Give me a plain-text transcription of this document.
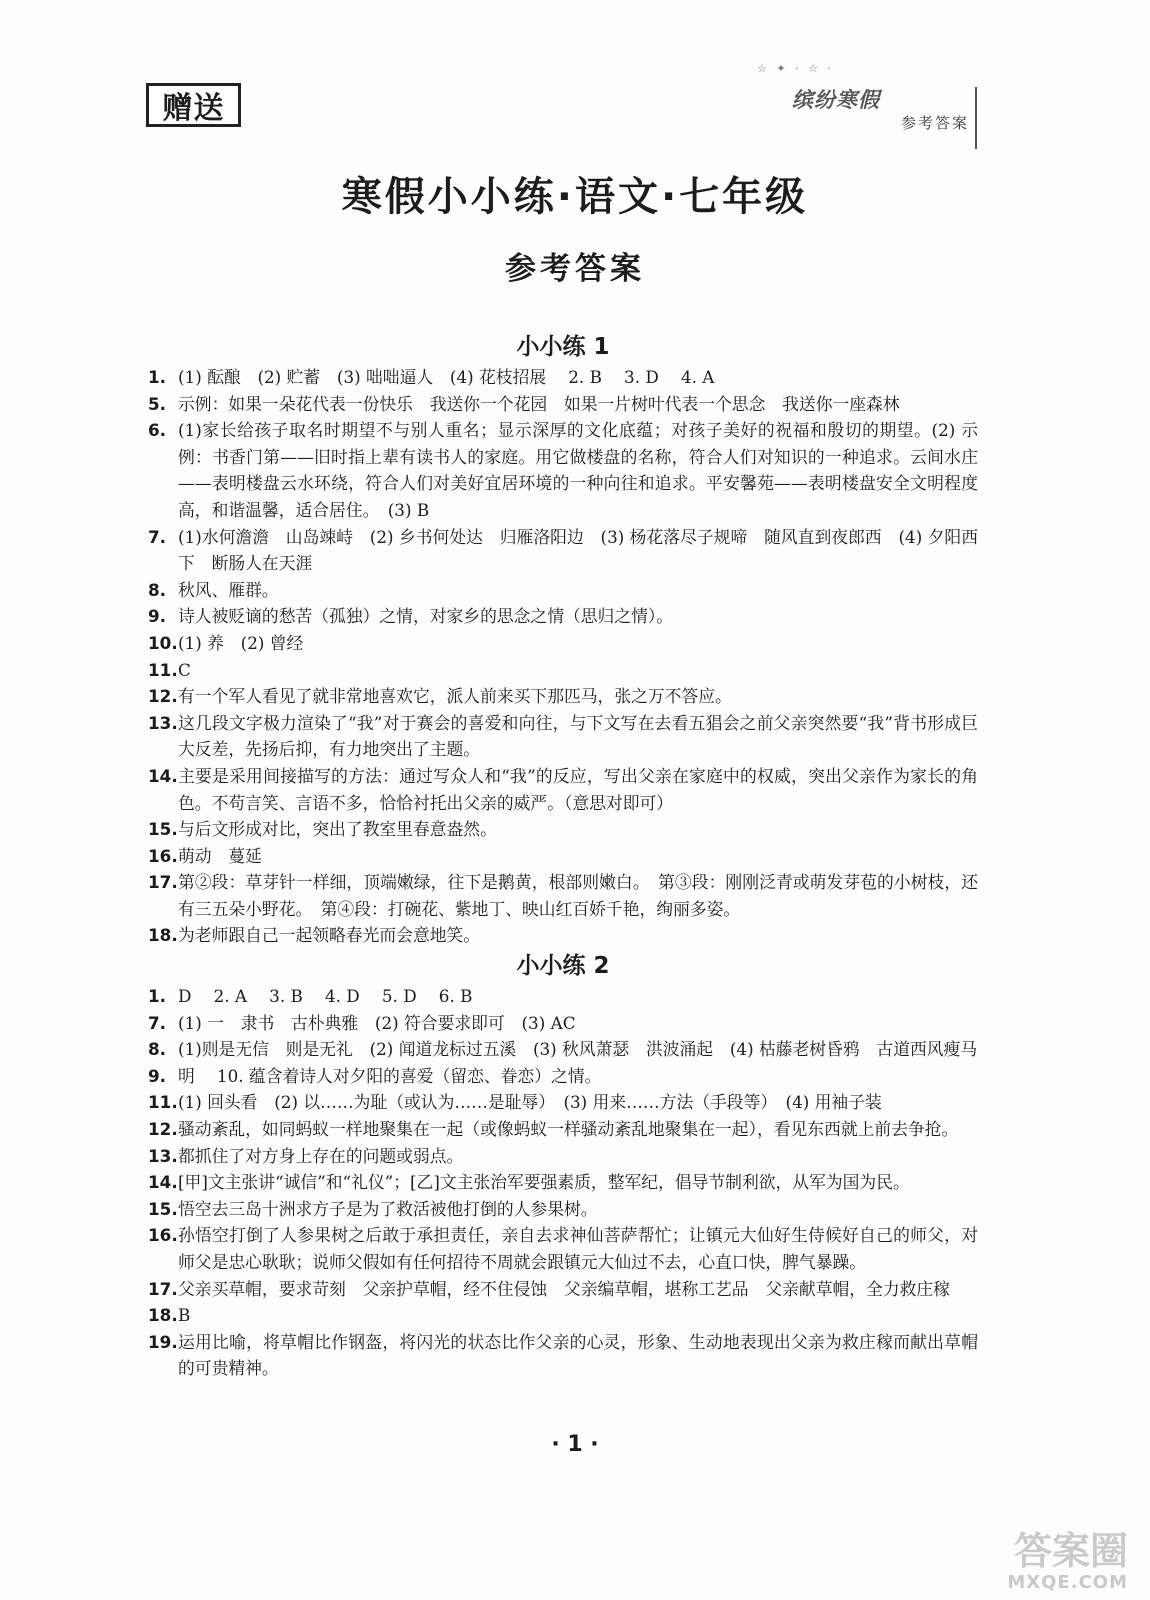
赠送
☆ ✦ · ☆ ·
缤纷寒假
参考答案
寒假小小练·语文·七年级
参考答案
小小练 1
1. (1) 酝酿　(2) 贮蓄　(3) 咄咄逼人　(4) 花枝招展　 2. B　 3. D　 4. A
5. 示例：如果一朵花代表一份快乐　我送你一个花园　如果一片树叶代表一个思念　我送你一座森林
6. (1)家长给孩子取名时期望不与别人重名；显示深厚的文化底蕴；对孩子美好的祝福和殷切的期望。(2) 示例：书香门第——旧时指上辈有读书人的家庭。用它做楼盘的名称，符合人们对知识的一种追求。云间水庄——表明楼盘云水环绕，符合人们对美好宜居环境的一种向往和追求。平安馨苑——表明楼盘安全文明程度高，和谐温馨，适合居住。　(3) B
7. (1)水何澹澹　山岛竦峙　(2) 乡书何处达　归雁洛阳边　(3) 杨花落尽子规啼　随风直到夜郎西　(4) 夕阳西下　断肠人在天涯
8. 秋风、雁群。
9. 诗人被贬谪的愁苦（孤独）之情，对家乡的思念之情（思归之情）。
10. (1) 养　(2) 曾经
11. C
12. 有一个军人看见了就非常地喜欢它，派人前来买下那匹马，张之万不答应。
13. 这几段文字极力渲染了“我”对于赛会的喜爱和向往，与下文写在去看五猖会之前父亲突然要“我”背书形成巨大反差，先扬后抑，有力地突出了主题。
14. 主要是采用间接描写的方法：通过写众人和“我”的反应，写出父亲在家庭中的权威，突出父亲作为家长的角色。不苟言笑、言语不多，恰恰衬托出父亲的威严。（意思对即可）
15. 与后文形成对比，突出了教室里春意盎然。
16. 萌动　蔓延
17. 第②段：草芽针一样细，顶端嫩绿，往下是鹅黄，根部则嫩白。　第③段：刚刚泛青或萌发芽苞的小树枝，还有三五朵小野花。　第④段：打碗花、紫地丁、映山红百娇千艳，绚丽多姿。
18. 为老师跟自己一起领略春光而会意地笑。
小小练 2
1. D　 2. A　 3. B　 4. D　 5. D　 6. B
7. (1) 一　隶书　古朴典雅　(2) 符合要求即可　(3) AC
8. (1)则是无信　则是无礼　(2) 闻道龙标过五溪　(3) 秋风萧瑟　洪波涌起　(4) 枯藤老树昏鸦　古道西风瘦马
9. 明　 10. 蕴含着诗人对夕阳的喜爱（留恋、眷恋）之情。
11. (1) 回头看　(2) 以……为耻（或认为……是耻辱）　(3) 用来……方法（手段等）　(4) 用袖子装
12. 骚动紊乱，如同蚂蚁一样地聚集在一起（或像蚂蚁一样骚动紊乱地聚集在一起），看见东西就上前去争抢。
13. 都抓住了对方身上存在的问题或弱点。
14. [甲]文主张讲“诚信”和“礼仪”；[乙]文主张治军要强素质，整军纪，倡导节制利欲，从军为国为民。
15. 悟空去三岛十洲求方子是为了救活被他打倒的人参果树。
16. 孙悟空打倒了人参果树之后敢于承担责任，亲自去求神仙菩萨帮忙；让镇元大仙好生侍候好自己的师父，对师父是忠心耿耿；说师父假如有任何招待不周就会跟镇元大仙过不去，心直口快，脾气暴躁。
17. 父亲买草帽，要求苛刻　父亲护草帽，经不住侵蚀　父亲编草帽，堪称工艺品　父亲献草帽，全力救庄稼
18. B
19. 运用比喻，将草帽比作钢盔，将闪光的状态比作父亲的心灵，形象、生动地表现出父亲为救庄稼而献出草帽的可贵精神。
· 1 ·
答案圈
MXQE.COM
